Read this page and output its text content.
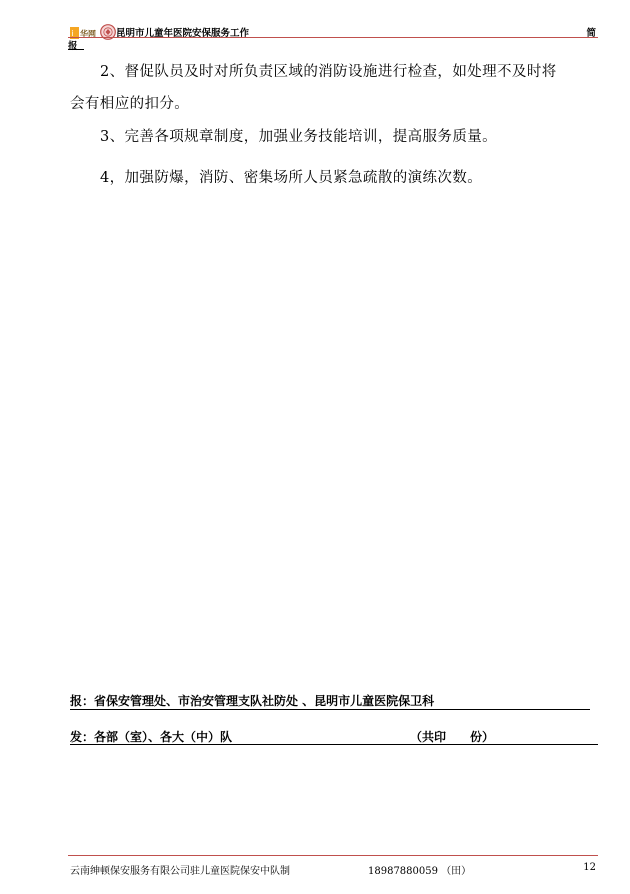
i 华网 昆明市儿童年医院安保服务工作	简
报
2、督促队员及时对所负责区域的消防设施进行检查，如处理不及时将
会有相应的扣分。
3、完善各项规章制度，加强业务技能培训，提高服务质量。
4，加强防爆，消防、密集场所人员紧急疏散的演练次数。
报：省保安管理处、市治安管理支队社防处 、昆明市儿童医院保卫科
发：各部（室）、各大（中）队	（共印　　份）
云南绅顿保安服务有限公司驻儿童医院保安中队制	18987880059 （田）	12
